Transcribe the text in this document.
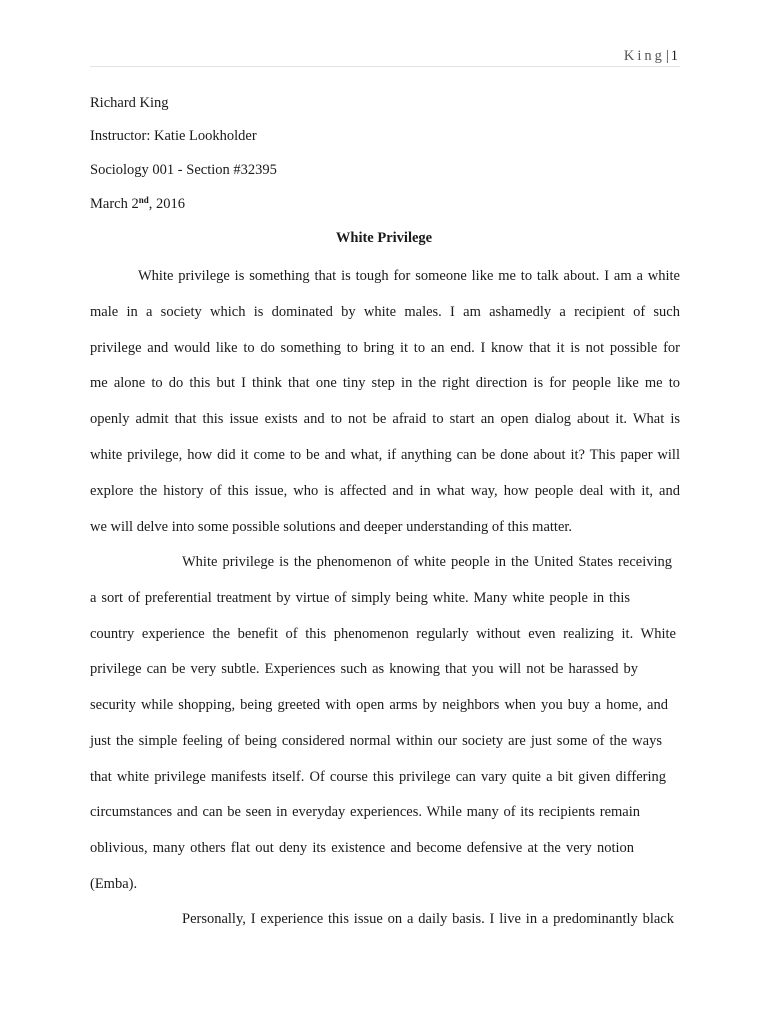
King| 1
Richard King
Instructor: Katie Lookholder
Sociology 001 - Section #32395
March 2nd, 2016
White Privilege
White privilege is something that is tough for someone like me to talk about. I am a white
male in a society which is dominated by white males. I am ashamedly a recipient of such
privilege and would like to do something to bring it to an end. I know that it is not possible for
me alone to do this but I think that one tiny step in the right direction is for people like me to
openly admit that this issue exists and to not be afraid to start an open dialog about it. What is
white privilege, how did it come to be and what, if anything can be done about it? This paper will
explore the history of this issue, who is affected and in what way, how people deal with it, and
we will delve into some possible solutions and deeper understanding of this matter.
White privilege is the phenomenon of white people in the United States receiving
a sort of preferential treatment by virtue of simply being white. Many white people in this
country experience the benefit of this phenomenon regularly without even realizing it. White
privilege can be very subtle. Experiences such as knowing that you will not be harassed by
security while shopping, being greeted with open arms by neighbors when you buy a home, and
just the simple feeling of being considered normal within our society are just some of the ways
that white privilege manifests itself. Of course this privilege can vary quite a bit given differing
circumstances and can be seen in everyday experiences. While many of its recipients remain
oblivious, many others flat out deny its existence and become defensive at the very notion
(Emba).
Personally, I experience this issue on a daily basis. I live in a predominantly black
